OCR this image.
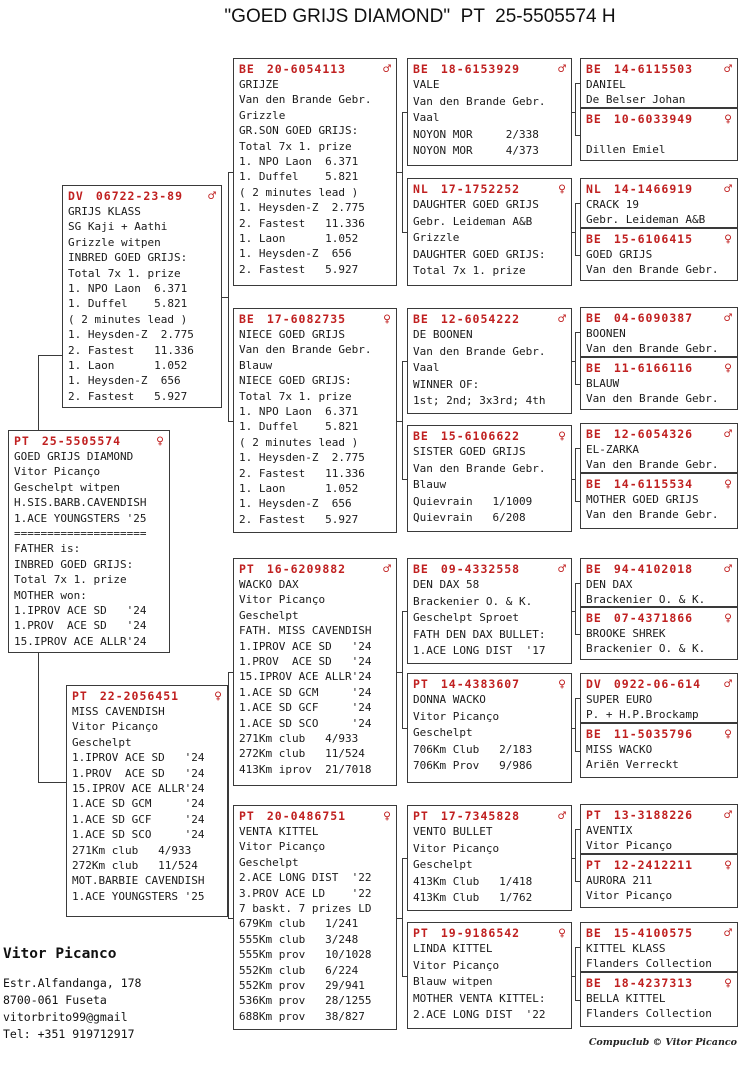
"GOED GRIJS DIAMOND"  PT  25-5505574 H
PT 25-5505574	♀
GOED GRIJS DIAMOND
Vitor Picanço
Geschelpt witpen
H.SIS.BARB.CAVENDISH
1.ACE YOUNGSTERS '25
====================
FATHER is:
INBRED GOED GRIJS:
Total 7x 1. prize
MOTHER won:
1.IPROV ACE SD   '24
1.PROV  ACE SD   '24
15.IPROV ACE ALLR'24
DV 06722-23-89 ♂
GRIJS KLASS
SG Kaji + Aathi
Grizzle witpen
INBRED GOED GRIJS:
Total 7x 1. prize
1. NPO Laon  6.371
1. Duffel    5.821
( 2 minutes lead )
1. Heysden-Z  2.775
2. Fastest   11.336
1. Laon      1.052
1. Heysden-Z  656
2. Fastest   5.927
PT 22-2056451	♀
MISS CAVENDISH
Vitor Picanço
Geschelpt
1.IPROV ACE SD   '24
1.PROV  ACE SD   '24
15.IPROV ACE ALLR'24
1.ACE SD GCM     '24
1.ACE SD GCF     '24
1.ACE SD SCO     '24
271Km club   4/933
272Km club   11/524
MOT.BARBIE CAVENDISH
1.ACE YOUNGSTERS '25
BE 20-6054113	♂
GRIJZE
Van den Brande Gebr.
Grizzle
GR.SON GOED GRIJS:
Total 7x 1. prize
1. NPO Laon  6.371
1. Duffel    5.821
( 2 minutes lead )
1. Heysden-Z  2.775
2. Fastest   11.336
1. Laon      1.052
1. Heysden-Z  656
2. Fastest   5.927
BE 17-6082735	♀
NIECE GOED GRIJS
Van den Brande Gebr.
Blauw
NIECE GOED GRIJS:
Total 7x 1. prize
1. NPO Laon  6.371
1. Duffel    5.821
( 2 minutes lead )
1. Heysden-Z  2.775
2. Fastest   11.336
1. Laon      1.052
1. Heysden-Z  656
2. Fastest   5.927
PT 16-6209882	♂
WACKO DAX
Vitor Picanço
Geschelpt
FATH. MISS CAVENDISH
1.IPROV ACE SD   '24
1.PROV  ACE SD   '24
15.IPROV ACE ALLR'24
1.ACE SD GCM     '24
1.ACE SD GCF     '24
1.ACE SD SCO     '24
271Km club   4/933
272Km club   11/524
413Km iprov  21/7018
PT 20-0486751	♀
VENTA KITTEL
Vitor Picanço
Geschelpt
2.ACE LONG DIST  '22
3.PROV ACE LD    '22
7 baskt. 7 prizes LD
679Km club   1/241
555Km club   3/248
555Km prov   10/1028
552Km club   6/224
552Km prov   29/941
536Km prov   28/1255
688Km prov   38/827
BE 18-6153929	♂
VALE
Van den Brande Gebr.
Vaal
NOYON MOR     2/338
NOYON MOR     4/373
NL 17-1752252	♀
DAUGHTER GOED GRIJS
Gebr. Leideman A&B
Grizzle
DAUGHTER GOED GRIJS:
Total 7x 1. prize
BE 12-6054222	♂
DE BOONEN
Van den Brande Gebr.
Vaal
WINNER OF:
1st; 2nd; 3x3rd; 4th
BE 15-6106622	♀
SISTER GOED GRIJS
Van den Brande Gebr.
Blauw
Quievrain   1/1009
Quievrain   6/208
BE 09-4332558	♂
DEN DAX 58
Brackenier O. & K.
Geschelpt Sproet
FATH DEN DAX BULLET:
1.ACE LONG DIST  '17
PT 14-4383607	♀
DONNA WACKO
Vitor Picanço
Geschelpt
706Km Club   2/183
706Km Prov   9/986
PT 17-7345828	♂
VENTO BULLET
Vitor Picanço
Geschelpt
413Km Club   1/418
413Km Club   1/762
PT 19-9186542	♀
LINDA KITTEL
Vitor Picanço
Blauw witpen
MOTHER VENTA KITTEL:
2.ACE LONG DIST  '22
BE 14-6115503 ♂
DANIEL
De Belser Johan
BE 10-6033949 ♀

Dillen Emiel
NL 14-1466919 ♂
CRACK 19
Gebr. Leideman A&B
BE 15-6106415 ♀
GOED GRIJS
Van den Brande Gebr.
BE 04-6090387 ♂
BOONEN
Van den Brande Gebr.
BE 11-6166116 ♀
BLAUW
Van den Brande Gebr.
BE 12-6054326 ♂
EL-ZARKA
Van den Brande Gebr.
BE 14-6115534 ♀
MOTHER GOED GRIJS
Van den Brande Gebr.
BE 94-4102018 ♂
DEN DAX
Brackenier O. & K.
BE 07-4371866 ♀
BROOKE SHREK
Brackenier O. & K.
DV 0922-06-614 ♂
SUPER EURO
P. + H.P.Brockamp
BE 11-5035796 ♀
MISS WACKO
Ariën Verreckt
PT 13-3188226 ♂
AVENTIX
Vitor Picanço
PT 12-2412211 ♀
AURORA 211
Vitor Picanço
BE 15-4100575 ♂
KITTEL KLASS
Flanders Collection
BE 18-4237313 ♀
BELLA KITTEL
Flanders Collection
Vitor Picanco
Estr.Alfandanga, 178
8700-061 Fuseta
vitorbrito99@gmail
Tel: +351 919712917
Compuclub © Vitor Picanco
